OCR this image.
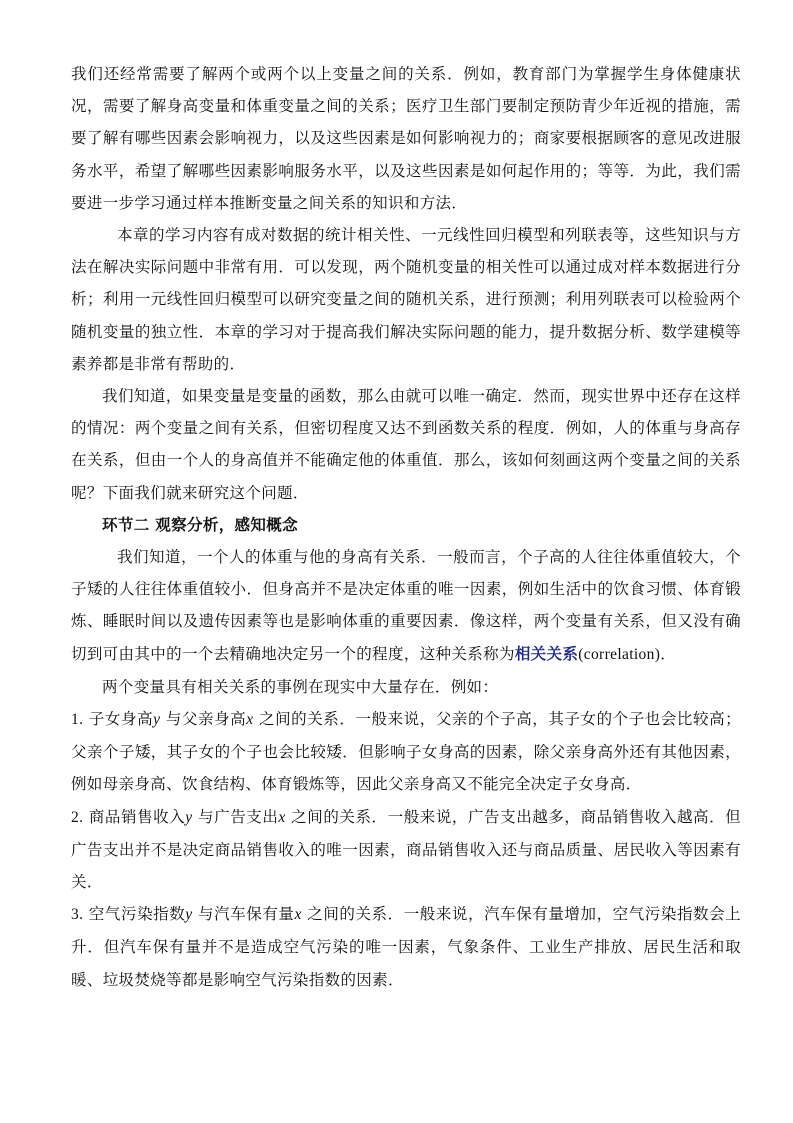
我们还经常需要了解两个或两个以上变量之间的关系．例如，教育部门为掌握学生身体健康状况，需要了解身高变量和体重变量之间的关系；医疗卫生部门要制定预防青少年近视的措施，需要了解有哪些因素会影响视力，以及这些因素是如何影响视力的；商家要根据顾客的意见改进服务水平，希望了解哪些因素影响服务水平，以及这些因素是如何起作用的；等等．为此，我们需要进一步学习通过样本推断变量之间关系的知识和方法．

本章的学习内容有成对数据的统计相关性、一元线性回归模型和列联表等，这些知识与方法在解决实际问题中非常有用．可以发现，两个随机变量的相关性可以通过成对样本数据进行分析；利用一元线性回归模型可以研究变量之间的随机关系，进行预测；利用列联表可以检验两个随机变量的独立性．本章的学习对于提高我们解决实际问题的能力，提升数据分析、数学建模等素养都是非常有帮助的．

我们知道，如果变量是变量的函数，那么由就可以唯一确定．然而，现实世界中还存在这样的情况：两个变量之间有关系，但密切程度又达不到函数关系的程度．例如，人的体重与身高存在关系，但由一个人的身高值并不能确定他的体重值．那么，该如何刻画这两个变量之间的关系呢？下面我们就来研究这个问题．

环节二 观察分析，感知概念

我们知道，一个人的体重与他的身高有关系．一般而言，个子高的人往往体重值较大，个子矮的人往往体重值较小．但身高并不是决定体重的唯一因素，例如生活中的饮食习惯、体育锻炼、睡眠时间以及遗传因素等也是影响体重的重要因素．像这样，两个变量有关系，但又没有确切到可由其中的一个去精确地决定另一个的程度，这种关系称为相关关系(correlation)．

两个变量具有相关关系的事例在现实中大量存在．例如：

1. 子女身高y 与父亲身高x 之间的关系．一般来说，父亲的个子高，其子女的个子也会比较高；父亲个子矮，其子女的个子也会比较矮．但影响子女身高的因素，除父亲身高外还有其他因素，例如母亲身高、饮食结构、体育锻炼等，因此父亲身高又不能完全决定子女身高．

2. 商品销售收入y 与广告支出x 之间的关系．一般来说，广告支出越多，商品销售收入越高．但广告支出并不是决定商品销售收入的唯一因素，商品销售收入还与商品质量、居民收入等因素有关．

3. 空气污染指数y 与汽车保有量x 之间的关系．一般来说，汽车保有量增加，空气污染指数会上升．但汽车保有量并不是造成空气污染的唯一因素，气象条件、工业生产排放、居民生活和取暖、垃圾焚烧等都是影响空气污染指数的因素．
